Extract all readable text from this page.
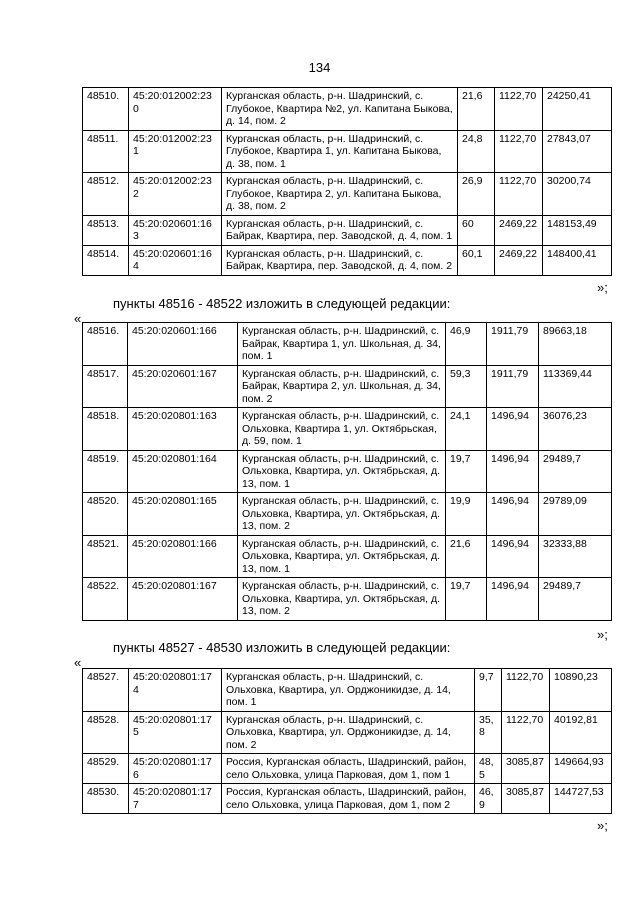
134
48510.	45:20:012002:230	Курганская область, р-н. Шадринский, с. Глубокое, Квартира №2, ул. Капитана Быкова, д. 14, пом. 2	21,6	1122,70	24250,41
48511.	45:20:012002:231	Курганская область, р-н. Шадринский, с. Глубокое, Квартира 1, ул. Капитана Быкова, д. 38, пом. 1	24,8	1122,70	27843,07
48512.	45:20:012002:232	Курганская область, р-н. Шадринский, с. Глубокое, Квартира 2, ул. Капитана Быкова, д. 38, пом. 2	26,9	1122,70	30200,74
48513.	45:20:020601:163	Курганская область, р-н. Шадринский, с. Байрак, Квартира, пер. Заводской, д. 4, пом. 1	60	2469,22	148153,49
48514.	45:20:020601:164	Курганская область, р-н. Шадринский, с. Байрак, Квартира, пер. Заводской, д. 4, пом. 2	60,1	2469,22	148400,41
»;
пункты 48516 - 48522 изложить в следующей редакции:
«
48516.	45:20:020601:166	Курганская область, р-н. Шадринский, с. Байрак, Квартира 1, ул. Школьная, д. 34, пом. 1	46,9	1911,79	89663,18
48517.	45:20:020601:167	Курганская область, р-н. Шадринский, с. Байрак, Квартира 2, ул. Школьная, д. 34, пом. 2	59,3	1911,79	113369,44
48518.	45:20:020801:163	Курганская область, р-н. Шадринский, с. Ольховка, Квартира 1, ул. Октябрьская, д. 59, пом. 1	24,1	1496,94	36076,23
48519.	45:20:020801:164	Курганская область, р-н. Шадринский, с. Ольховка, Квартира, ул. Октябрьская, д. 13, пом. 1	19,7	1496,94	29489,7
48520.	45:20:020801:165	Курганская область, р-н. Шадринский, с. Ольховка, Квартира, ул. Октябрьская, д. 13, пом. 2	19,9	1496,94	29789,09
48521.	45:20:020801:166	Курганская область, р-н. Шадринский, с. Ольховка, Квартира, ул. Октябрьская, д. 13, пом. 1	21,6	1496,94	32333,88
48522.	45:20:020801:167	Курганская область, р-н. Шадринский, с. Ольховка, Квартира, ул. Октябрьская, д. 13, пом. 2	19,7	1496,94	29489,7
»;
пункты 48527 - 48530 изложить в следующей редакции:
«
48527.	45:20:020801:174	Курганская область, р-н. Шадринский, с. Ольховка, Квартира, ул. Орджоникидзе, д. 14, пом. 1	9,7	1122,70	10890,23
48528.	45:20:020801:175	Курганская область, р-н. Шадринский, с. Ольховка, Квартира, ул. Орджоникидзе, д. 14, пом. 2	35,8	1122,70	40192,81
48529.	45:20:020801:176	Россия, Курганская область, Шадринский, район, село Ольховка, улица Парковая, дом 1, пом 1	48,5	3085,87	149664,93
48530.	45:20:020801:177	Россия, Курганская область, Шадринский, район, село Ольховка, улица Парковая, дом 1, пом 2	46,9	3085,87	144727,53
»;
